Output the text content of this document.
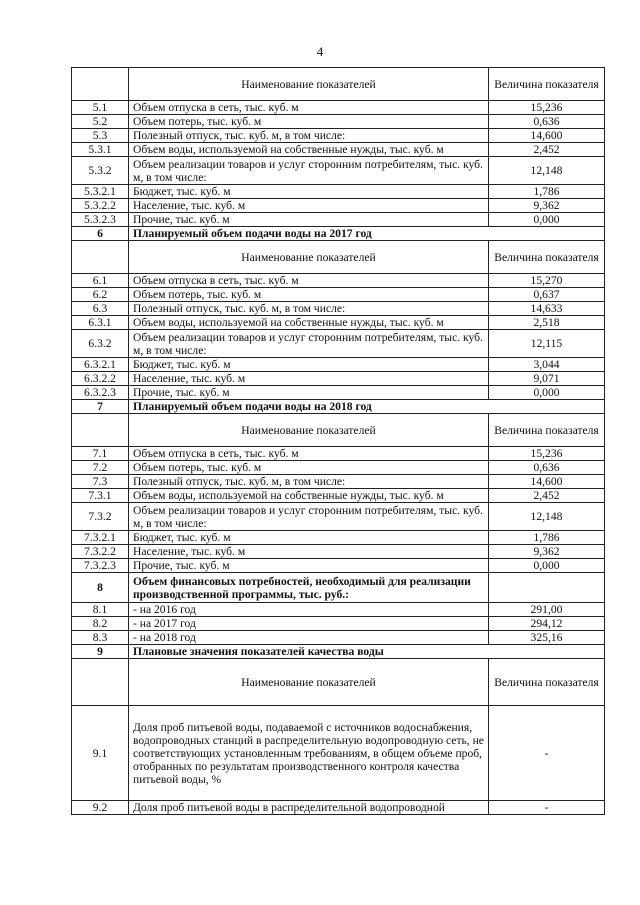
4
	Наименование показателей	Величина показателя
5.1	Объем отпуска в сеть, тыс. куб. м	15,236
5.2	Объем потерь, тыс. куб. м	0,636
5.3	Полезный отпуск, тыс. куб. м, в том числе:	14,600
5.3.1	Объем воды, используемой на собственные нужды, тыс. куб. м	2,452
5.3.2	Объем реализации товаров и услуг сторонним потребителям, тыс. куб. м, в том числе:	12,148
5.3.2.1	Бюджет, тыс. куб. м	1,786
5.3.2.2	Население, тыс. куб. м	9,362
5.3.2.3	Прочие, тыс. куб. м	0,000
6	Планируемый объем подачи воды на 2017 год	
	Наименование показателей	Величина показателя
6.1	Объем отпуска в сеть, тыс. куб. м	15,270
6.2	Объем потерь, тыс. куб. м	0,637
6.3	Полезный отпуск, тыс. куб. м, в том числе:	14,633
6.3.1	Объем воды, используемой на собственные нужды, тыс. куб. м	2,518
6.3.2	Объем реализации товаров и услуг сторонним потребителям, тыс. куб. м, в том числе:	12,115
6.3.2.1	Бюджет, тыс. куб. м	3,044
6.3.2.2	Население, тыс. куб. м	9,071
6.3.2.3	Прочие, тыс. куб. м	0,000
7	Планируемый объем подачи воды на 2018 год	
	Наименование показателей	Величина показателя
7.1	Объем отпуска в сеть, тыс. куб. м	15,236
7.2	Объем потерь, тыс. куб. м	0,636
7.3	Полезный отпуск, тыс. куб. м, в том числе:	14,600
7.3.1	Объем воды, используемой на собственные нужды, тыс. куб. м	2,452
7.3.2	Объем реализации товаров и услуг сторонним потребителям, тыс. куб. м, в том числе:	12,148
7.3.2.1	Бюджет, тыс. куб. м	1,786
7.3.2.2	Население, тыс. куб. м	9,362
7.3.2.3	Прочие, тыс. куб. м	0,000
8	Объем финансовых потребностей, необходимый для реализации производственной программы, тыс. руб.:	
8.1	- на 2016 год	291,00
8.2	- на 2017 год	294,12
8.3	- на 2018 год	325,16
9	Плановые значения показателей качества воды	
	Наименование показателей	Величина показателя
9.1	Доля проб питьевой воды, подаваемой с источников водоснабжения, водопроводных станций в распределительную водопроводную сеть, не соответствующих установленным требованиям, в общем объеме проб, отобранных по результатам производственного контроля качества питьевой воды, %	-
9.2	Доля проб питьевой воды в распределительной водопроводной	-
